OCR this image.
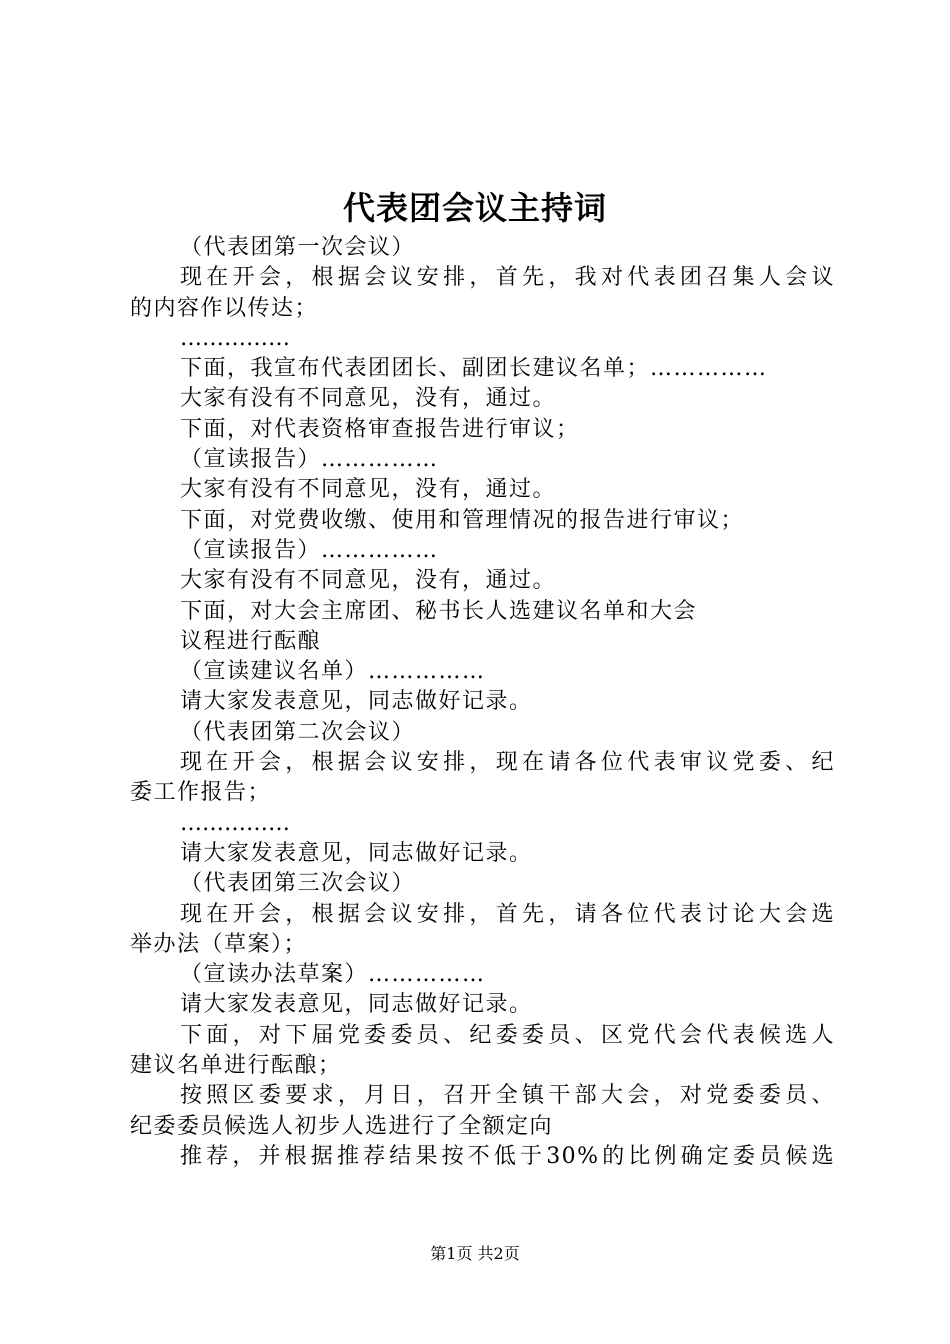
代表团会议主持词
（代表团第一次会议）
现在开会，根据会议安排，首先，我对代表团召集人会议
的内容作以传达；
……………
下面，我宣布代表团团长、副团长建议名单；……………
大家有没有不同意见，没有，通过。
下面，对代表资格审查报告进行审议；
（宣读报告）……………
大家有没有不同意见，没有，通过。
下面，对党费收缴、使用和管理情况的报告进行审议；
（宣读报告）……………
大家有没有不同意见，没有，通过。
下面，对大会主席团、秘书长人选建议名单和大会
议程进行酝酿
（宣读建议名单）……………
请大家发表意见，同志做好记录。
（代表团第二次会议）
现在开会，根据会议安排，现在请各位代表审议党委、纪
委工作报告；
……………
请大家发表意见，同志做好记录。
（代表团第三次会议）
现在开会，根据会议安排，首先，请各位代表讨论大会选
举办法（草案）；
（宣读办法草案）……………
请大家发表意见，同志做好记录。
下面，对下届党委委员、纪委委员、区党代会代表候选人
建议名单进行酝酿；
按照区委要求，月日，召开全镇干部大会，对党委委员、
纪委委员候选人初步人选进行了全额定向
推荐，并根据推荐结果按不低于30%的比例确定委员候选
第1页 共2页
